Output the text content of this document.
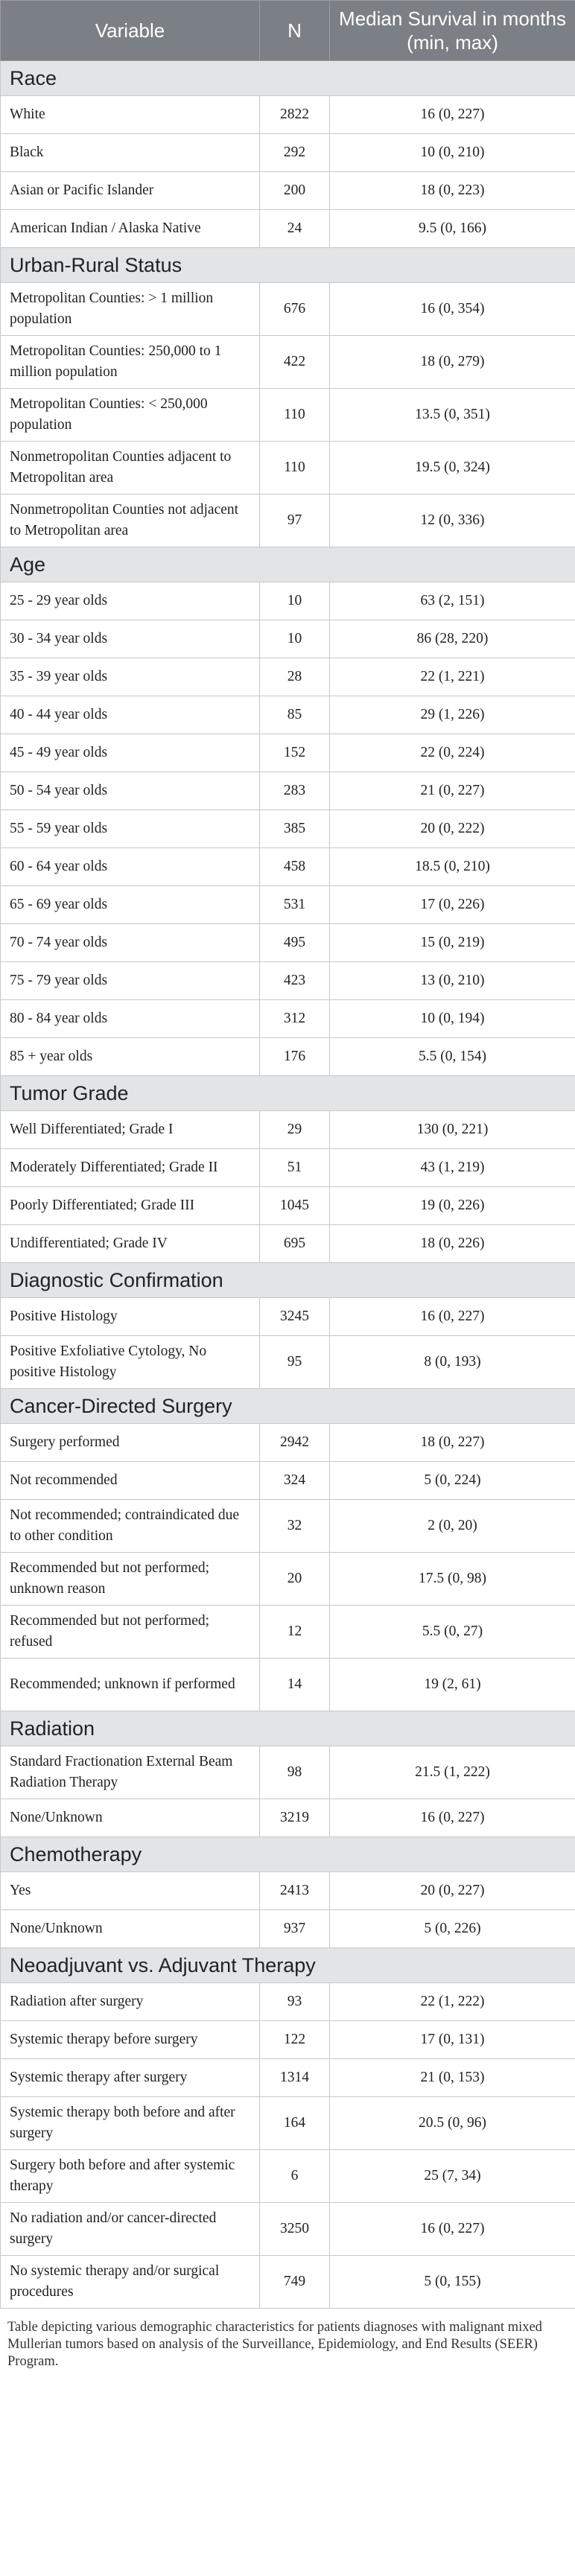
Variable	N	Median Survival in months (min, max)
Race		
White	2822	16 (0, 227)
Black	292	10 (0, 210)
Asian or Pacific Islander	200	18 (0, 223)
American Indian / Alaska Native	24	9.5 (0, 166)
Urban-Rural Status		
Metropolitan Counties: > 1 million population	676	16 (0, 354)
Metropolitan Counties: 250,000 to 1 million population	422	18 (0, 279)
Metropolitan Counties: < 250,000 population	110	13.5 (0, 351)
Nonmetropolitan Counties adjacent to Metropolitan area	110	19.5 (0, 324)
Nonmetropolitan Counties not adjacent to Metropolitan area	97	12 (0, 336)
Age		
25 - 29 year olds	10	63 (2, 151)
30 - 34 year olds	10	86 (28, 220)
35 - 39 year olds	28	22 (1, 221)
40 - 44 year olds	85	29 (1, 226)
45 - 49 year olds	152	22 (0, 224)
50 - 54 year olds	283	21 (0, 227)
55 - 59 year olds	385	20 (0, 222)
60 - 64 year olds	458	18.5 (0, 210)
65 - 69 year olds	531	17 (0, 226)
70 - 74 year olds	495	15 (0, 219)
75 - 79 year olds	423	13 (0, 210)
80 - 84 year olds	312	10 (0, 194)
85 + year olds	176	5.5 (0, 154)
Tumor Grade		
Well Differentiated; Grade I	29	130 (0, 221)
Moderately Differentiated; Grade II	51	43 (1, 219)
Poorly Differentiated; Grade III	1045	19 (0, 226)
Undifferentiated; Grade IV	695	18 (0, 226)
Diagnostic Confirmation		
Positive Histology	3245	16 (0, 227)
Positive Exfoliative Cytology, No positive Histology	95	8 (0, 193)
Cancer-Directed Surgery		
Surgery performed	2942	18 (0, 227)
Not recommended	324	5 (0, 224)
Not recommended; contraindicated due to other condition	32	2 (0, 20)
Recommended but not performed; unknown reason	20	17.5 (0, 98)
Recommended but not performed; refused	12	5.5 (0, 27)
Recommended; unknown if performed	14	19 (2, 61)
Radiation		
Standard Fractionation External Beam Radiation Therapy	98	21.5 (1, 222)
None/Unknown	3219	16 (0, 227)
Chemotherapy		
Yes	2413	20 (0, 227)
None/Unknown	937	5 (0, 226)
Neoadjuvant vs. Adjuvant Therapy		
Radiation after surgery	93	22 (1, 222)
Systemic therapy before surgery	122	17 (0, 131)
Systemic therapy after surgery	1314	21 (0, 153)
Systemic therapy both before and after surgery	164	20.5 (0, 96)
Surgery both before and after systemic therapy	6	25 (7, 34)
No radiation and/or cancer-directed surgery	3250	16 (0, 227)
No systemic therapy and/or surgical procedures	749	5 (0, 155)
Table depicting various demographic characteristics for patients diagnoses with malignant mixed Mullerian tumors based on analysis of the Surveillance, Epidemiology, and End Results (SEER) Program.
